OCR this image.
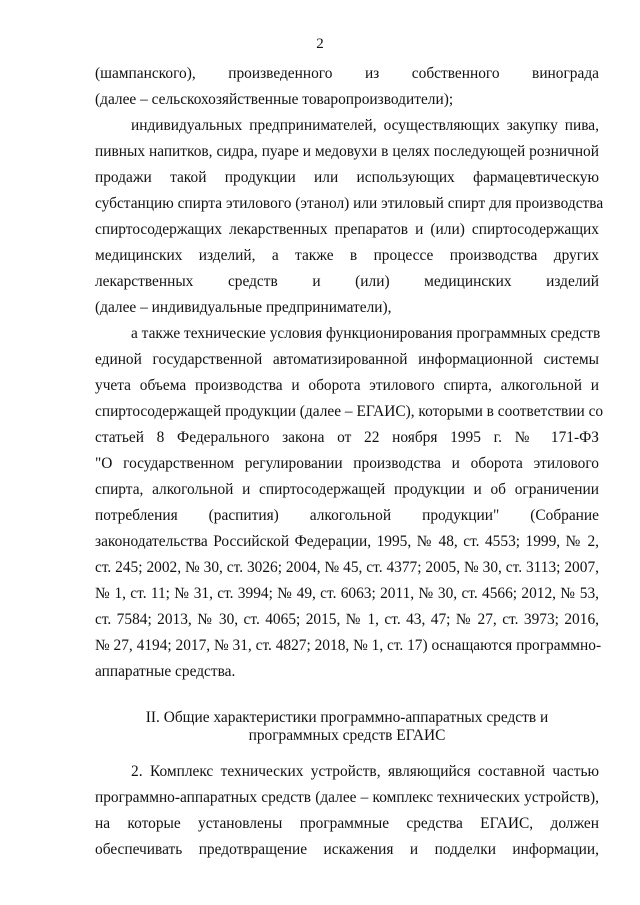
2
(шампанского), произведенного из собственного винограда
(далее – сельскохозяйственные товаропроизводители);
индивидуальных предпринимателей, осуществляющих закупку пива,
пивных напитков, сидра, пуаре и медовухи в целях последующей розничной
продажи такой продукции или использующих фармацевтическую
субстанцию спирта этилового (этанол) или этиловый спирт для производства
спиртосодержащих лекарственных препаратов и (или) спиртосодержащих
медицинских изделий, а также в процессе производства других
лекарственных средств и (или) медицинских изделий
(далее – индивидуальные предприниматели),
а также технические условия функционирования программных средств
единой государственной автоматизированной информационной системы
учета объема производства и оборота этилового спирта, алкогольной и
спиртосодержащей продукции (далее – ЕГАИС), которыми в соответствии со
статьей 8 Федерального закона от 22 ноября 1995 г. № 171-ФЗ
"О государственном регулировании производства и оборота этилового
спирта, алкогольной и спиртосодержащей продукции и об ограничении
потребления (распития) алкогольной продукции" (Собрание
законодательства Российской Федерации, 1995, № 48, ст. 4553; 1999, № 2,
ст. 245; 2002, № 30, ст. 3026; 2004, № 45, ст. 4377; 2005, № 30, ст. 3113; 2007,
№ 1, ст. 11; № 31, ст. 3994; № 49, ст. 6063; 2011, № 30, ст. 4566; 2012, № 53,
ст. 7584; 2013, № 30, ст. 4065; 2015, № 1, ст. 43, 47; № 27, ст. 3973; 2016,
№ 27, 4194; 2017, № 31, ст. 4827; 2018, № 1, ст. 17) оснащаются программно-
аппаратные средства.
II. Общие характеристики программно-аппаратных средств и
программных средств ЕГАИС
2. Комплекс технических устройств, являющийся составной частью
программно-аппаратных средств (далее – комплекс технических устройств),
на которые установлены программные средства ЕГАИС, должен
обеспечивать предотвращение искажения и подделки информации,
